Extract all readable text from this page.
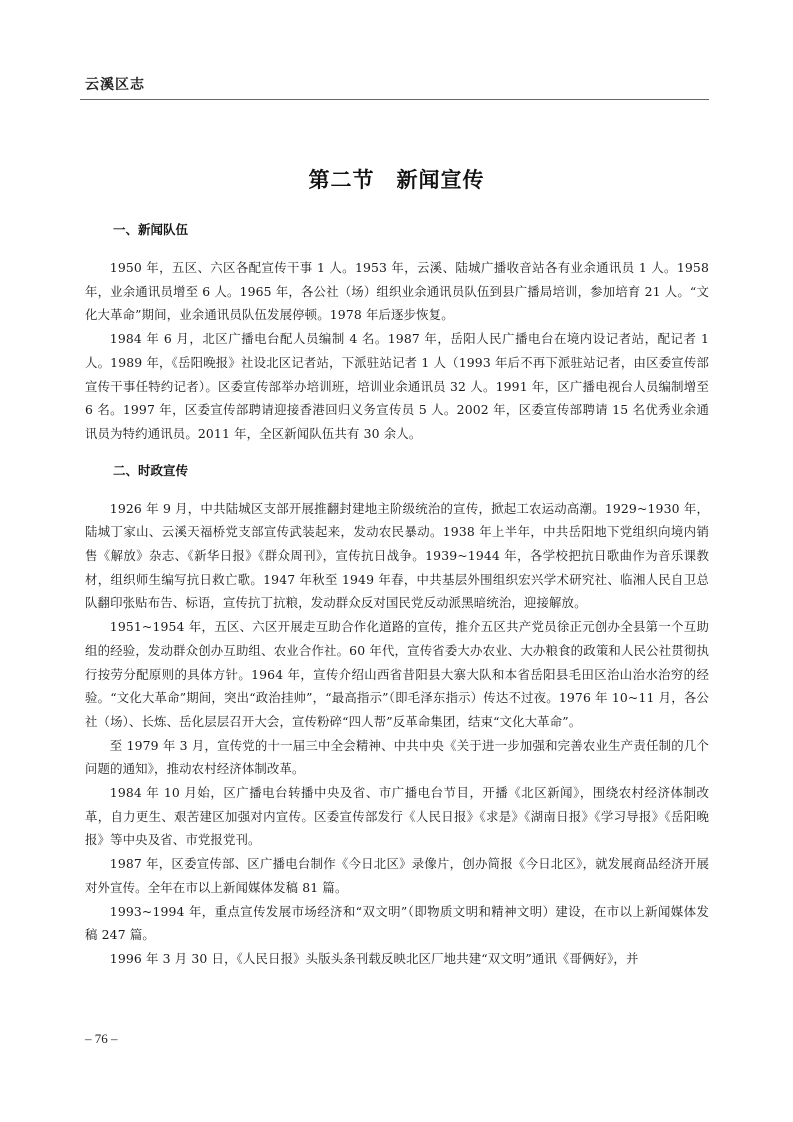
云溪区志
第二节　新闻宣传
一、新闻队伍

1950 年，五区、六区各配宣传干事 1 人。1953 年，云溪、陆城广播收音站各有业余通讯员 1 人。1958 年，业余通讯员增至 6 人。1965 年，各公社（场）组织业余通讯员队伍到县广播局培训，参加培育 21 人。“文化大革命”期间，业余通讯员队伍发展停顿。1978 年后逐步恢复。

1984 年 6 月，北区广播电台配人员编制 4 名。1987 年，岳阳人民广播电台在境内设记者站，配记者 1 人。1989 年，《岳阳晚报》社设北区记者站，下派驻站记者 1 人（1993 年后不再下派驻站记者，由区委宣传部宣传干事任特约记者）。区委宣传部举办培训班，培训业余通讯员 32 人。1991 年，区广播电视台人员编制增至 6 名。1997 年，区委宣传部聘请迎接香港回归义务宣传员 5 人。2002 年，区委宣传部聘请 15 名优秀业余通讯员为特约通讯员。2011 年，全区新闻队伍共有 30 余人。

二、时政宣传

1926 年 9 月，中共陆城区支部开展推翻封建地主阶级统治的宣传，掀起工农运动高潮。1929~1930 年，陆城丁家山、云溪天福桥党支部宣传武装起来，发动农民暴动。1938 年上半年，中共岳阳地下党组织向境内销售《解放》杂志、《新华日报》《群众周刊》，宣传抗日战争。1939~1944 年，各学校把抗日歌曲作为音乐课教材，组织师生编写抗日救亡歌。1947 年秋至 1949 年春，中共基层外围组织宏兴学术研究社、临湘人民自卫总队翻印张贴布告、标语，宣传抗丁抗粮，发动群众反对国民党反动派黑暗统治，迎接解放。

1951~1954 年，五区、六区开展走互助合作化道路的宣传，推介五区共产党员徐正元创办全县第一个互助组的经验，发动群众创办互助组、农业合作社。60 年代，宣传省委大办农业、大办粮食的政策和人民公社贯彻执行按劳分配原则的具体方针。1964 年，宣传介绍山西省昔阳县大寨大队和本省岳阳县毛田区治山治水治穷的经验。“文化大革命”期间，突出“政治挂帅”，“最高指示”（即毛泽东指示）传达不过夜。1976 年 10~11 月，各公社（场）、长炼、岳化层层召开大会，宣传粉碎“四人帮”反革命集团，结束“文化大革命”。

至 1979 年 3 月，宣传党的十一届三中全会精神、中共中央《关于进一步加强和完善农业生产责任制的几个问题的通知》，推动农村经济体制改革。

1984 年 10 月始，区广播电台转播中央及省、市广播电台节目，开播《北区新闻》，围绕农村经济体制改革，自力更生、艰苦建区加强对内宣传。区委宣传部发行《人民日报》《求是》《湖南日报》《学习导报》《岳阳晚报》等中央及省、市党报党刊。

1987 年，区委宣传部、区广播电台制作《今日北区》录像片，创办简报《今日北区》，就发展商品经济开展对外宣传。全年在市以上新闻媒体发稿 81 篇。

1993~1994 年，重点宣传发展市场经济和“双文明”（即物质文明和精神文明）建设，在市以上新闻媒体发稿 247 篇。

1996 年 3 月 30 日，《人民日报》头版头条刊载反映北区厂地共建“双文明”通讯《哥俩好》，并

– 76 –
